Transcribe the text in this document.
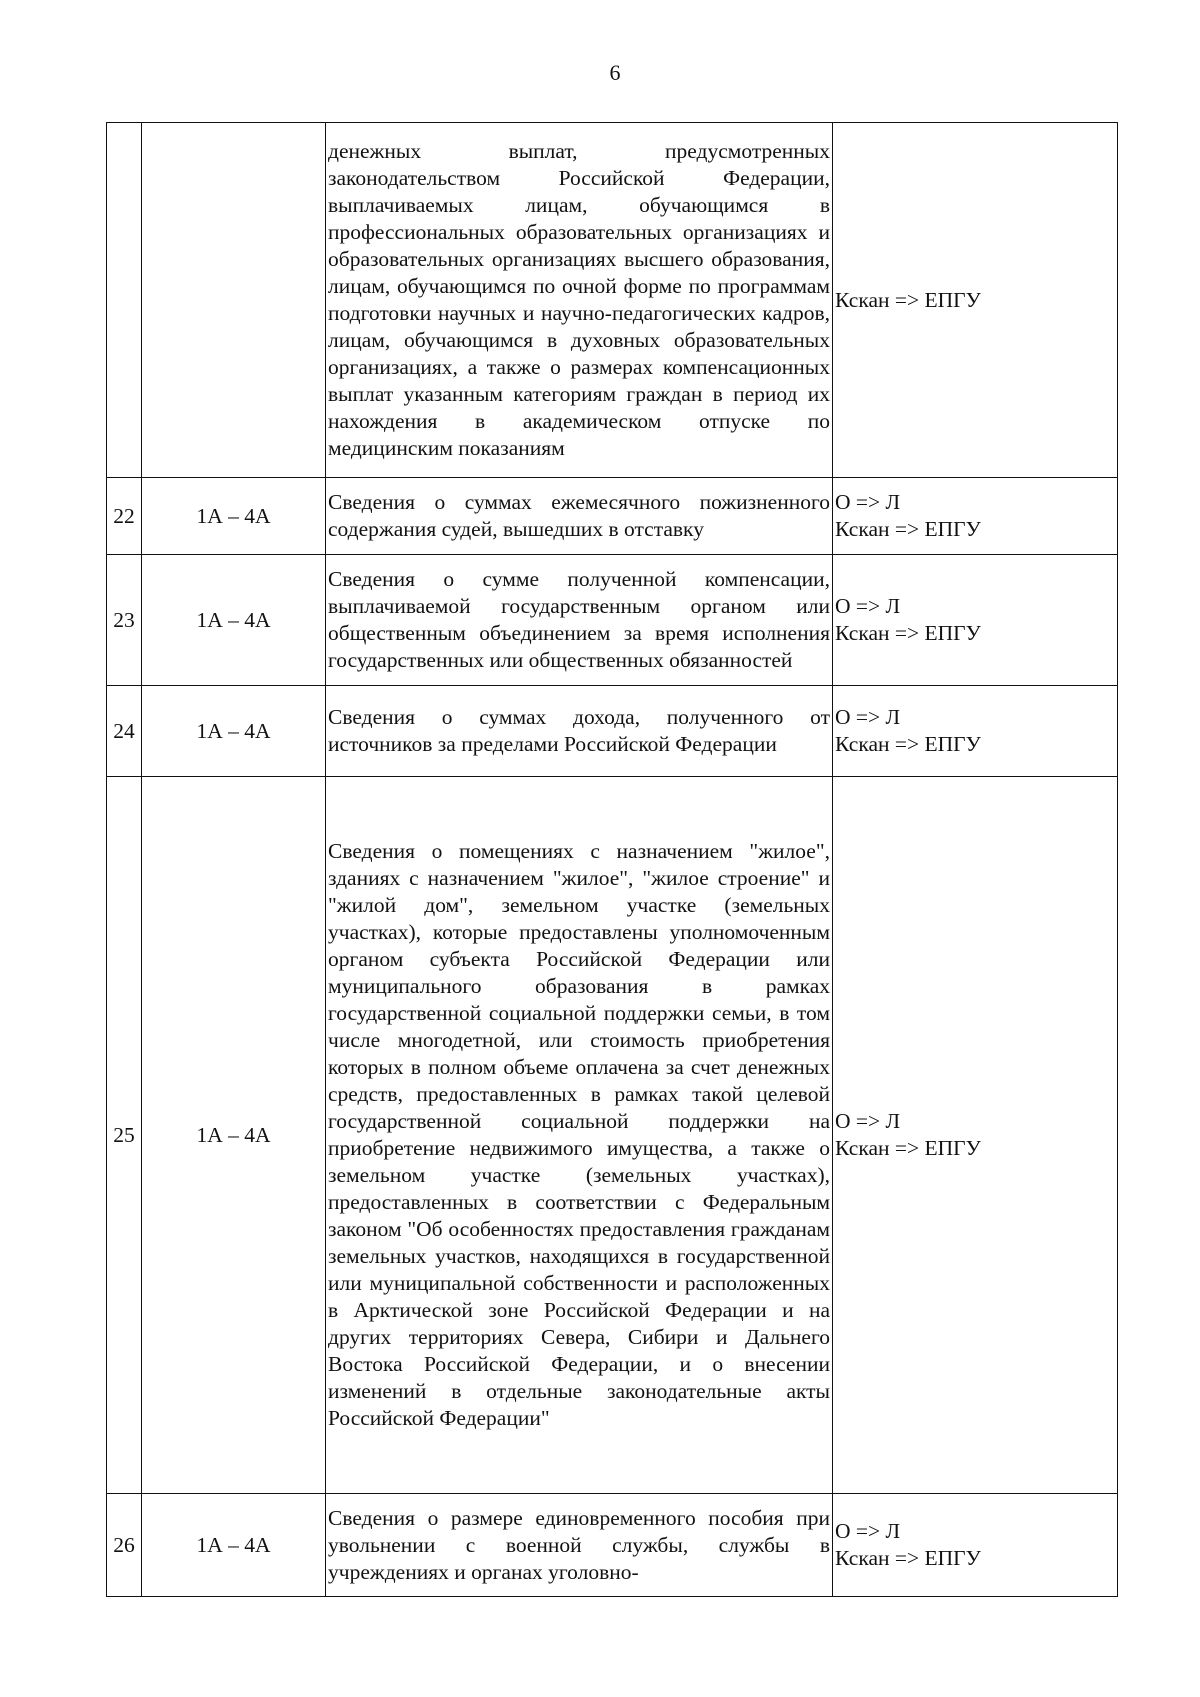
6

		денежных выплат, предусмотренных законодательством Российской Федерации, выплачиваемых лицам, обучающимся в профессиональных образовательных организациях и образовательных организациях высшего образования, лицам, обучающимся по очной форме по программам подготовки научных и научно-педагогических кадров, лицам, обучающимся в духовных образовательных организациях, а также о размерах компенсационных выплат указанным категориям граждан в период их нахождения в академическом отпуске по медицинским показаниям	Кскан => ЕПГУ

22	1А – 4А	Сведения о суммах ежемесячного пожизненного содержания судей, вышедших в отставку	О => Л
Кскан => ЕПГУ

23	1А – 4А	Сведения о сумме полученной компенсации, выплачиваемой государственным органом или общественным объединением за время исполнения государственных или общественных обязанностей	О => Л
Кскан => ЕПГУ

24	1А – 4А	Сведения о суммах дохода, полученного от источников за пределами Российской Федерации	О => Л
Кскан => ЕПГУ

25	1А – 4А	Сведения о помещениях с назначением "жилое", зданиях с назначением "жилое", "жилое строение" и "жилой дом", земельном участке (земельных участках), которые предоставлены уполномоченным органом субъекта Российской Федерации или муниципального образования в рамках государственной социальной поддержки семьи, в том числе многодетной, или стоимость приобретения которых в полном объеме оплачена за счет денежных средств, предоставленных в рамках такой целевой государственной социальной поддержки на приобретение недвижимого имущества, а также о земельном участке (земельных участках), предоставленных в соответствии с Федеральным законом "Об особенностях предоставления гражданам земельных участков, находящихся в государственной или муниципальной собственности и расположенных в Арктической зоне Российской Федерации и на других территориях Севера, Сибири и Дальнего Востока Российской Федерации, и о внесении изменений в отдельные законодательные акты Российской Федерации"	О => Л
Кскан => ЕПГУ

26	1А – 4А	Сведения о размере единовременного пособия при увольнении с военной службы, службы в учреждениях и органах уголовно-	О => Л
Кскан => ЕПГУ
